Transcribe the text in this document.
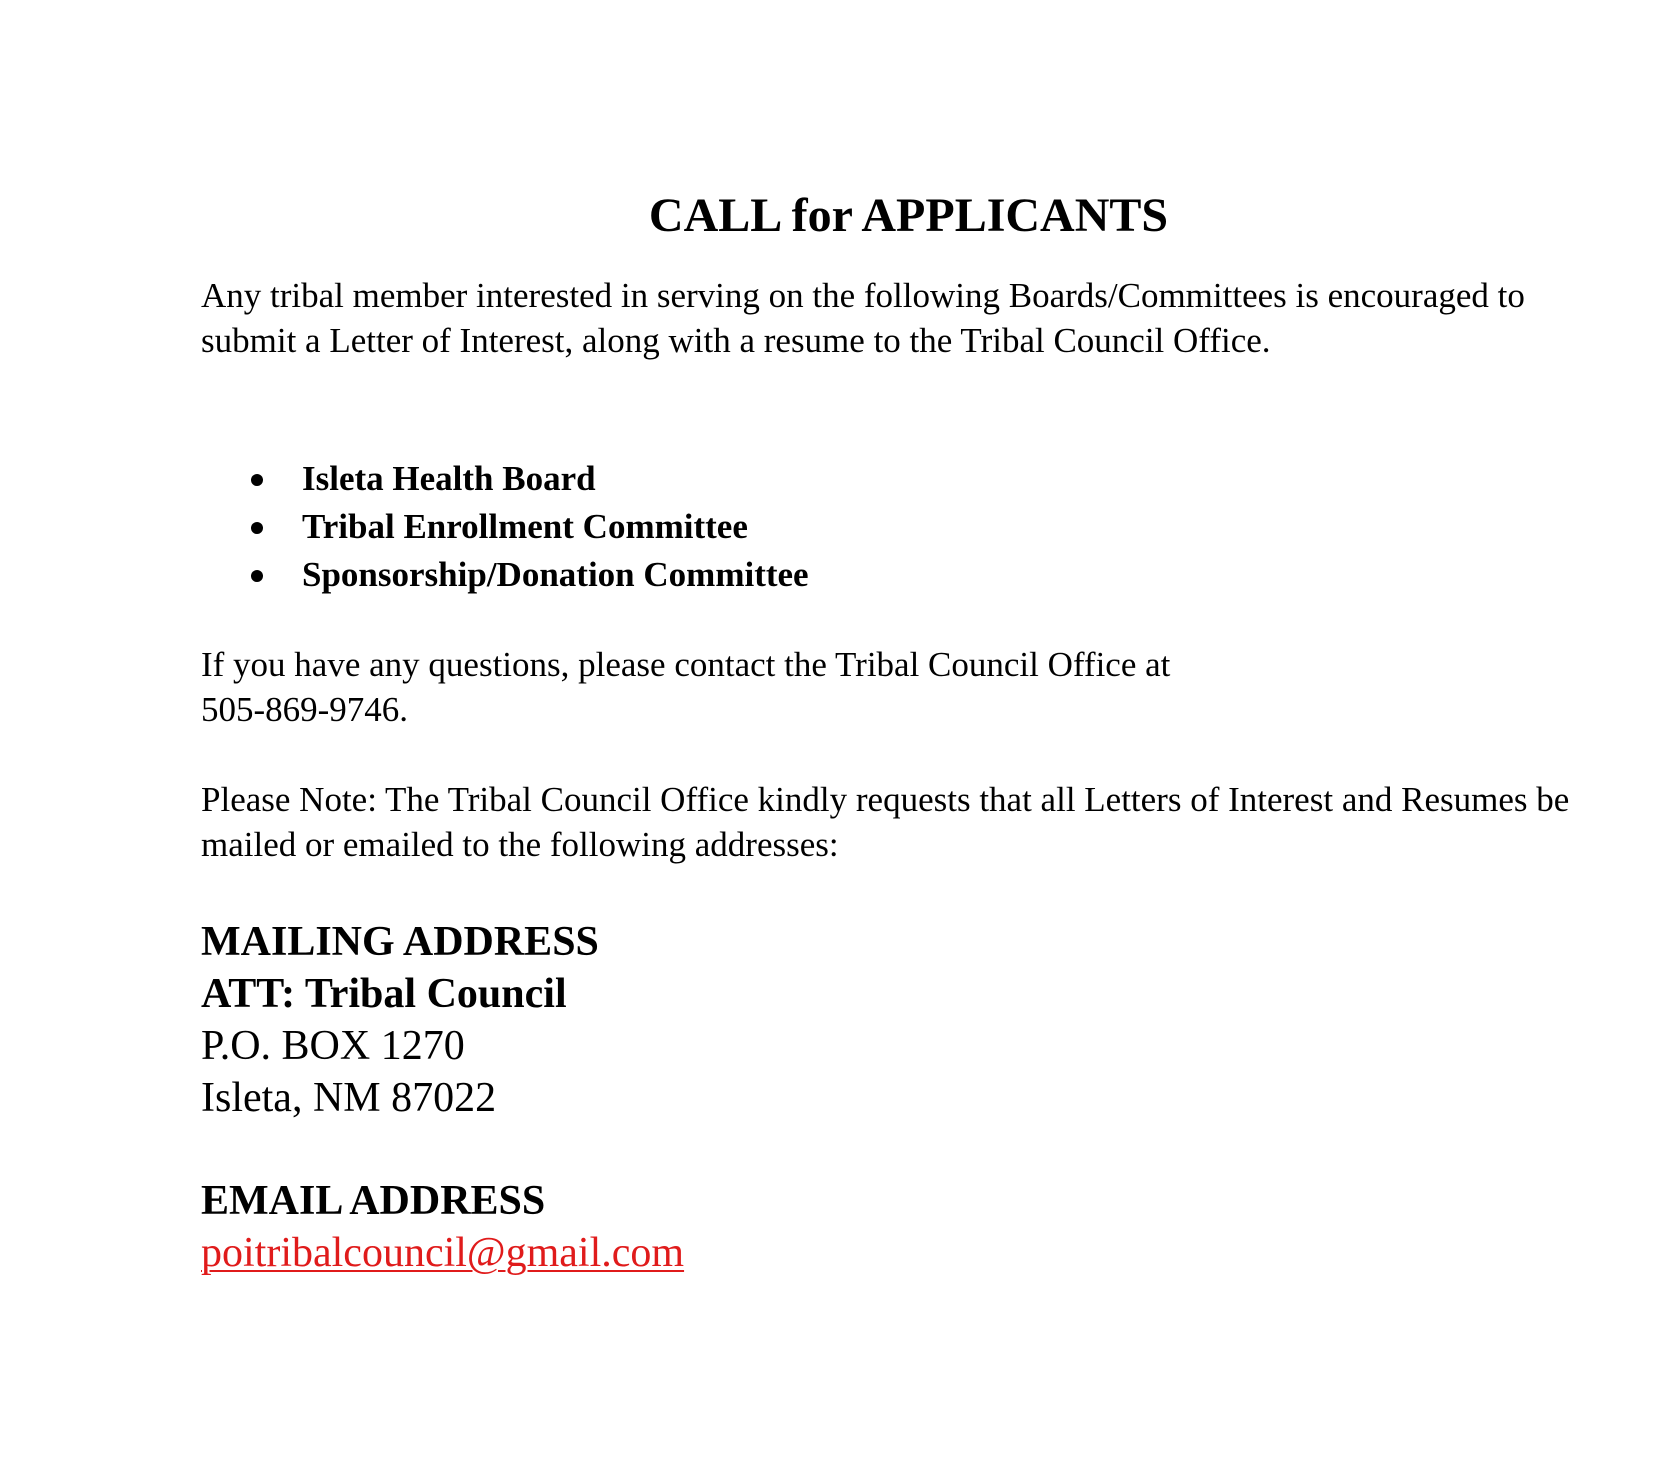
CALL for APPLICANTS

Any tribal member interested in serving on the following Boards/Committees is encouraged to submit a Letter of Interest, along with a resume to the Tribal Council Office.

Isleta Health Board
Tribal Enrollment Committee
Sponsorship/Donation Committee
If you have any questions, please contact the Tribal Council Office at
505-869-9746.

Please Note: The Tribal Council Office kindly requests that all Letters of Interest and Resumes be mailed or emailed to the following addresses:

MAILING ADDRESS
ATT: Tribal Council
P.O. BOX 1270
Isleta, NM 87022
EMAIL ADDRESS
poitribalcouncil@gmail.com
